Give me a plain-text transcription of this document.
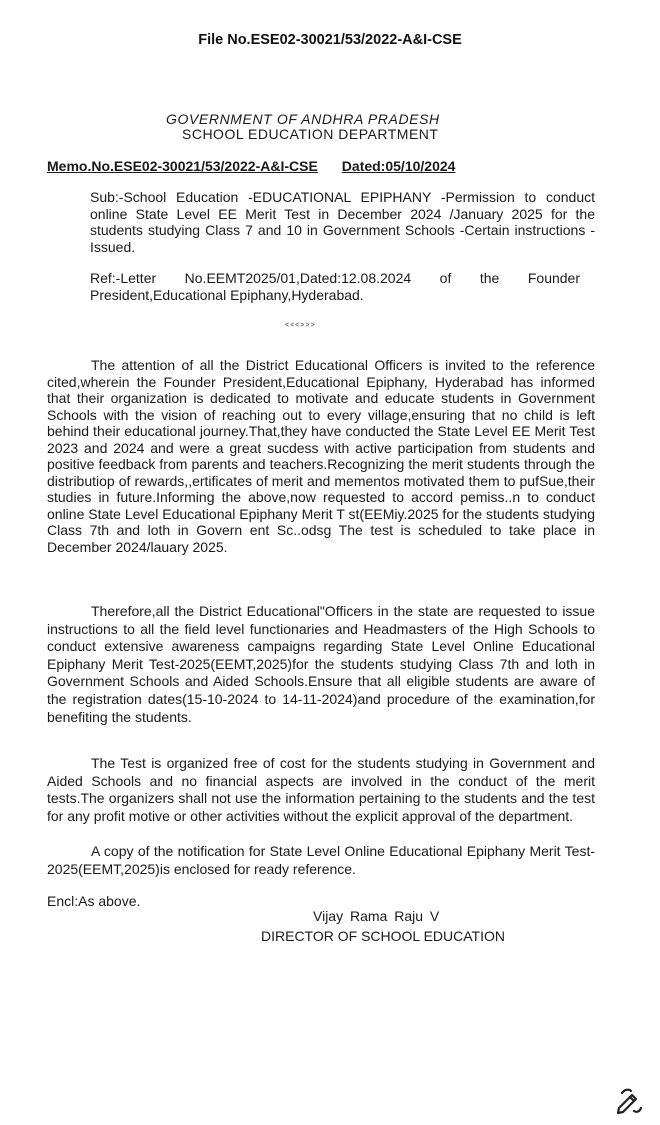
File No.ESE02-30021/53/2022-A&I-CSE
GOVERNMENT OF ANDHRA PRADESH
SCHOOL EDUCATION DEPARTMENT
Memo.No.ESE02-30021/53/2022-A&I-CSE Dated:05/10/2024
Sub:-School Education -EDUCATIONAL EPIPHANY -Permission to conduct online State Level EE Merit Test in December 2024 /January 2025 for the students studying Class 7 and 10 in Government Schools -Certain instructions -Issued.
Ref:-Letter No.EEMT2025/01,Dated:12.08.2024 of the Founder President,Educational Epiphany,Hyderabad.
<<<>>>
The attention of all the District Educational Officers is invited to the reference cited,wherein the Founder President,Educational Epiphany, Hyderabad has informed that their organization is dedicated to motivate and educate students in Government Schools with the vision of reaching out to every village,ensuring that no child is left behind their educational journey.That,they have conducted the State Level EE Merit Test 2023 and 2024 and were a great sucdess with active participation from students and positive feedback from parents and teachers.Recognizing the merit students through the distributiop of rewards,,ertificates of merit and mementos motivated them to pufSue,their studies in future.Informing the above,now requested to accord pemiss..n to conduct online State Level Educational Epiphany Merit T st(EEMiy.2025 for the students studying Class 7th and loth in Govern ent Sc..odsg The test is scheduled to take place in December 2024/lauary 2025.
Therefore,all the District Educational"Officers in the state are requested to issue instructions to all the field level functionaries and Headmasters of the High Schools to conduct extensive awareness campaigns regarding State Level Online Educational Epiphany Merit Test-2025(EEMT,2025)for the students studying Class 7th and loth in Government Schools and Aided Schools.Ensure that all eligible students are aware of the registration dates(15-10-2024 to 14-11-2024)and procedure of the examination,for benefiting the students.
The Test is organized free of cost for the students studying in Government and Aided Schools and no financial aspects are involved in the conduct of the merit tests.The organizers shall not use the information pertaining to the students and the test for any profit motive or other activities without the explicit approval of the department.
A copy of the notification for State Level Online Educational Epiphany Merit Test-2025(EEMT,2025)is enclosed for ready reference.
Encl:As above.
Vijay Rama Raju V
DIRECTOR OF SCHOOL EDUCATION
